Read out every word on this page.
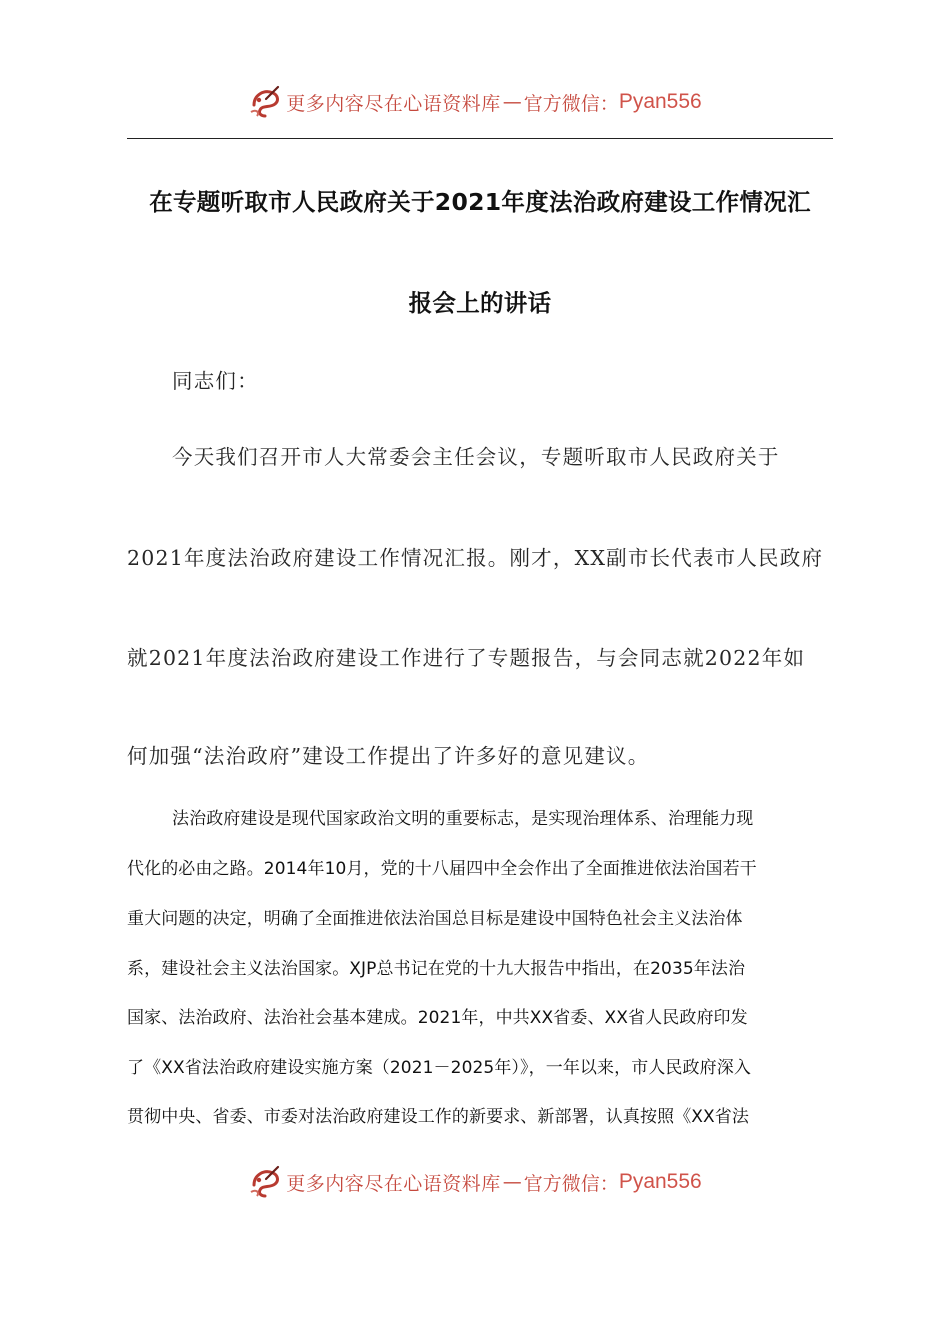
更多内容尽在心语资料库 — 官方微信： Pyan556
在专题听取市人民政府关于2021年度法治政府建设工作情况汇
报会上的讲话
同志们：
今天我们召开市人大常委会主任会议，专题听取市人民政府关于
2021年度法治政府建设工作情况汇报。刚才，XX副市长代表市人民政府
就2021年度法治政府建设工作进行了专题报告，与会同志就2022年如
何加强“法治政府”建设工作提出了许多好的意见建议。
法治政府建设是现代国家政治文明的重要标志，是实现治理体系、治理能力现
代化的必由之路。2014年10月，党的十八届四中全会作出了全面推进依法治国若干
重大问题的决定，明确了全面推进依法治国总目标是建设中国特色社会主义法治体
系，建设社会主义法治国家。XJP总书记在党的十九大报告中指出，在2035年法治
国家、法治政府、法治社会基本建成。2021年，中共XX省委、XX省人民政府印发
了《XX省法治政府建设实施方案（2021－2025年）》，一年以来，市人民政府深入
贯彻中央、省委、市委对法治政府建设工作的新要求、新部署，认真按照《XX省法
更多内容尽在心语资料库 — 官方微信： Pyan556
